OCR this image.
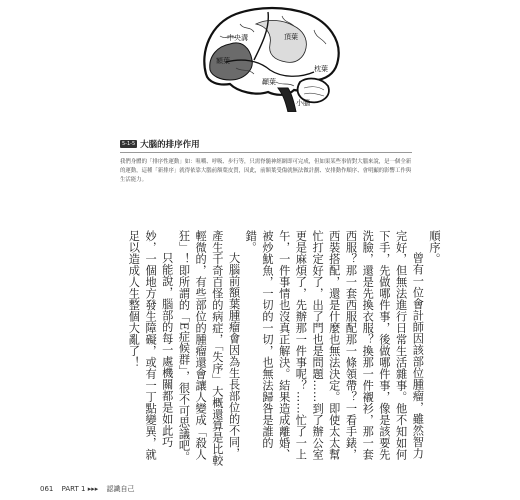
中央溝	頂葉
額葉
側裂
顳葉
枕葉
小腦
5-1-5 大腦的排序作用
我們身體的「排序性運動」如：咀嚼、呼吸、步行等，只需脊髓神經網即可完成，但如果某些事情對大腦來說，是一個全新的運動，這種「新排序」就得依靠大腦前額葉皮質，因此，前額葉受傷就無法做計劃、安排動作順序、會明顯的影響工作與生活能力。

順序。

曾有一位會計師因該部位腫瘤，雖然智力完好，但無法進行日常生活雜事。他不知如何下手，先做哪件事，後做哪件事，像是該要先洗臉，還是先換衣服？換那一件襯衫，那一套西服？那一套西服配那一條領帶？一看手錶，西裝搭配，還是什麼也無法決定。即使太太幫忙打定好了，出了門也是問題……到了辦公室更是麻煩了，先辦那一件事呢？……忙了一上午，一件事情也沒真正解決。結果造成離婚、被炒魷魚，一切的一切，也無法歸咎是誰的錯。

大腦前額葉腫瘤會因為生長部位的不同，產生千奇百怪的病症，「失序」大概還算是比較輕微的，有些部位的腫瘤還會讓人變成「殺人狂」！即所謂的「E症候群」，很不可思議吧。

只能說，腦部的每一處機關都是如此巧妙，一個地方發生障礙，或有一丁點變異，就足以造成人生整個大亂了！

061 PART 1 ▸▸▸ 認識自己
